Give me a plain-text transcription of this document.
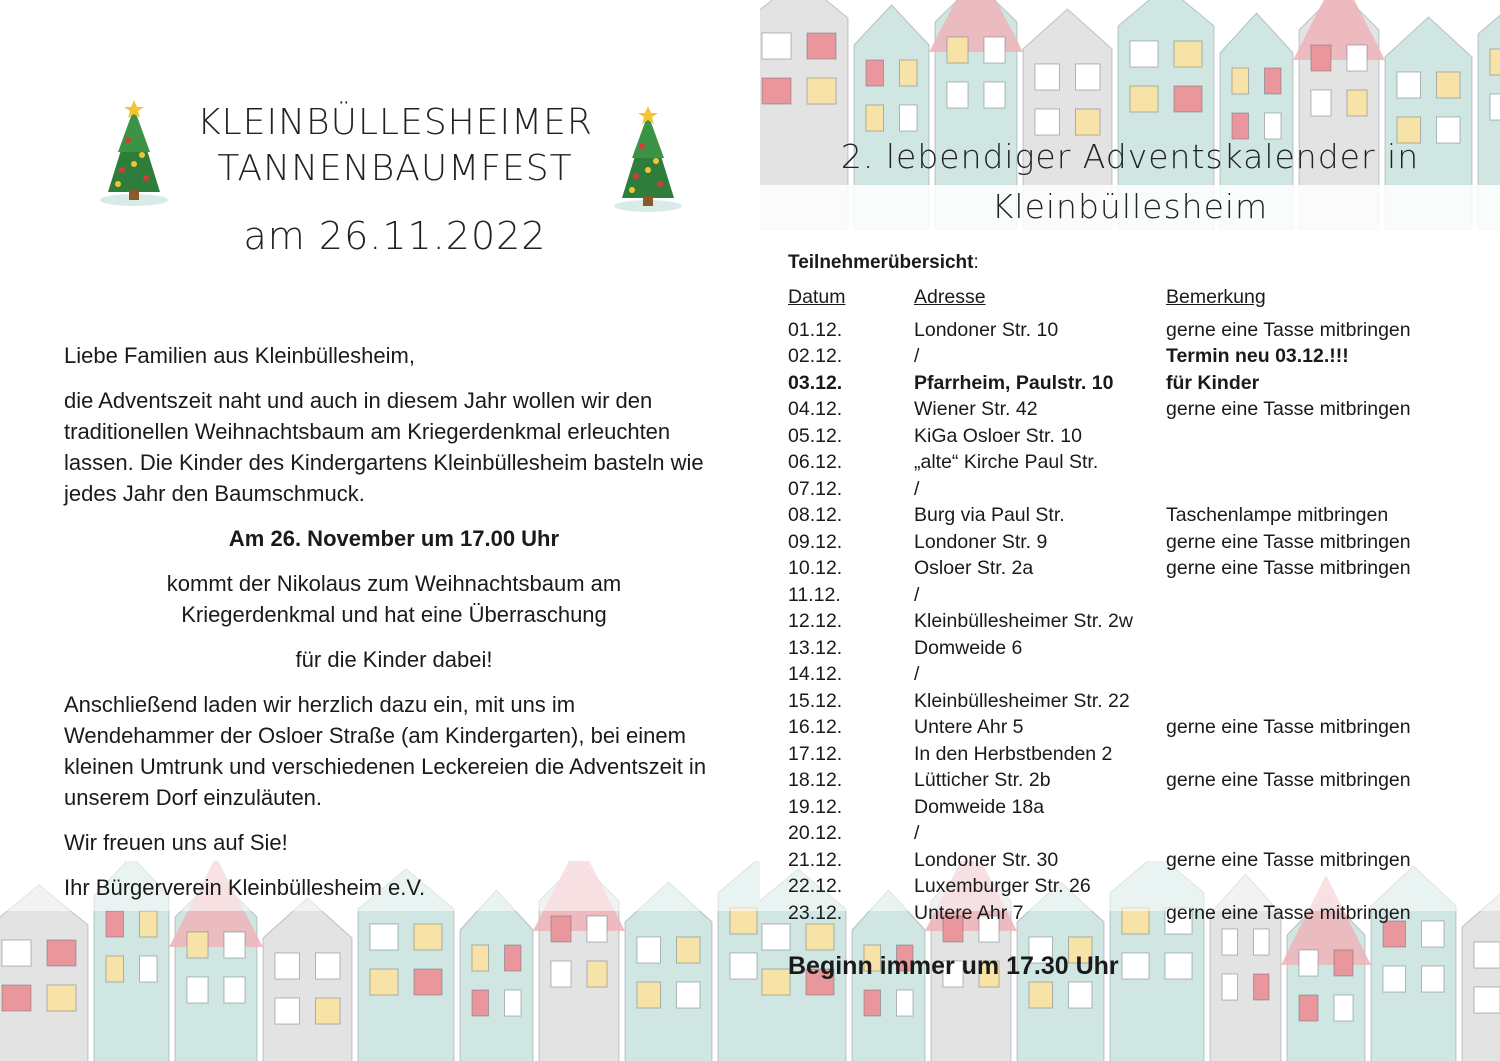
KLEINBÜLLESHEIMER
TANNENBAUMFEST
am 26.11.2022

Liebe Familien aus Kleinbüllesheim,

die Adventszeit naht und auch in diesem Jahr wollen wir den traditionellen Weihnachtsbaum am Kriegerdenkmal erleuchten lassen. Die Kinder des Kindergartens Kleinbüllesheim basteln wie jedes Jahr den Baumschmuck.

Am 26. November um 17.00 Uhr

kommt der Nikolaus zum Weihnachtsbaum am Kriegerdenkmal und hat eine Überraschung

für die Kinder dabei!

Anschließend laden wir herzlich dazu ein, mit uns im Wendehammer der Osloer Straße (am Kindergarten), bei einem kleinen Umtrunk und verschiedenen Leckereien die Adventszeit in unserem Dorf einzuläuten.

Wir freuen uns auf Sie!

Ihr Bürgerverein Kleinbüllesheim e.V.

2. lebendiger Adventskalender in
Kleinbüllesheim
Teilnehmerübersicht:
Datum	Adresse	Bemerkung
01.12.	Londoner Str. 10	gerne eine Tasse mitbringen
02.12.	/	Termin neu 03.12.!!!
03.12.	Pfarrheim, Paulstr. 10	für Kinder
04.12.	Wiener Str. 42	gerne eine Tasse mitbringen
05.12.	KiGa Osloer Str. 10
06.12.	„alte“ Kirche Paul Str.
07.12.	/
08.12.	Burg via Paul Str.	Taschenlampe mitbringen
09.12.	Londoner Str. 9	gerne eine Tasse mitbringen
10.12.	Osloer Str. 2a	gerne eine Tasse mitbringen
11.12.	/
12.12.	Kleinbüllesheimer Str. 2w
13.12.	Domweide 6
14.12.	/
15.12.	Kleinbüllesheimer Str. 22
16.12.	Untere Ahr 5	gerne eine Tasse mitbringen
17.12.	In den Herbstbenden 2
18.12.	Lütticher Str. 2b	gerne eine Tasse mitbringen
19.12.	Domweide 18a
20.12.	/
21.12.	Londoner Str. 30	gerne eine Tasse mitbringen
22.12.	Luxemburger Str. 26
23.12.	Untere Ahr 7	gerne eine Tasse mitbringen
Beginn immer um 17.30 Uhr
